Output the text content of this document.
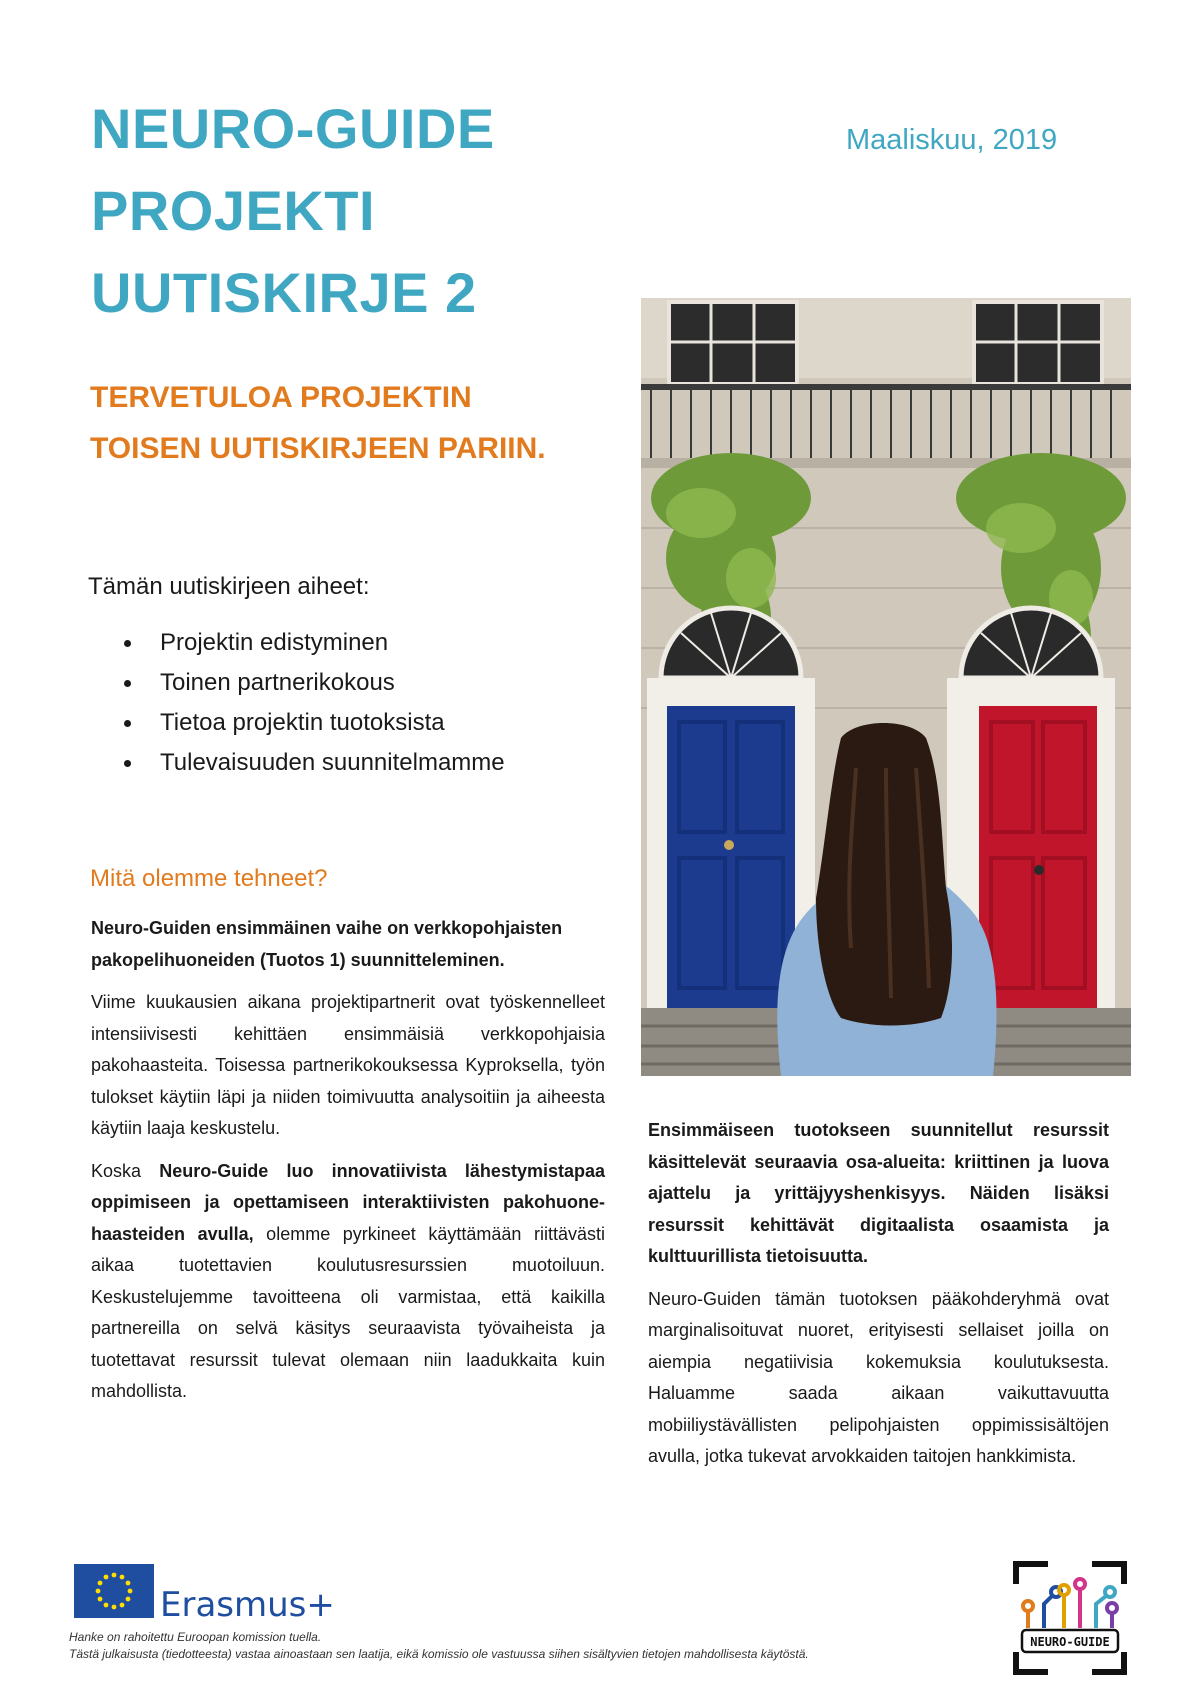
NEURO-GUIDE
PROJEKTI
UUTISKIRJE 2
Maaliskuu, 2019
TERVETULOA PROJEKTIN
TOISEN UUTISKIRJEEN PARIIN.
Tämän uutiskirjeen aiheet:
Projektin edistyminen
Toinen partnerikokous
Tietoa projektin tuotoksista
Tulevaisuuden suunnitelmamme
Mitä olemme tehneet?

Neuro-Guiden ensimmäinen vaihe on verkkopohjaisten pakopelihuoneiden (Tuotos 1) suunnitteleminen.

Viime kuukausien aikana projektipartnerit ovat työskennelleet intensiivisesti kehittäen ensimmäisiä verkkopohjaisia pakohaasteita. Toisessa partnerikokouksessa Kyproksella, työn tulokset käytiin läpi ja niiden toimivuutta analysoitiin ja aiheesta käytiin laaja keskustelu.

Koska Neuro-Guide luo innovatiivista lähestymistapaa oppimiseen ja opettamiseen interaktiivisten pakohuone-haasteiden avulla, olemme pyrkineet käyttämään riittävästi aikaa tuotettavien koulutusresurssien muotoiluun. Keskustelujemme tavoitteena oli varmistaa, että kaikilla partnereilla on selvä käsitys seuraavista työvaiheista ja tuotettavat resurssit tulevat olemaan niin laadukkaita kuin mahdollista.

Ensimmäiseen tuotokseen suunnitellut resurssit käsittelevät seuraavia osa-alueita: kriittinen ja luova ajattelu ja yrittäjyyshenkisyys. Näiden lisäksi resurssit kehittävät digitaalista osaamista ja kulttuurillista tietoisuutta.

Neuro-Guiden tämän tuotoksen pääkohderyhmä ovat marginalisoituvat nuoret, erityisesti sellaiset joilla on aiempia negatiivisia kokemuksia koulutuksesta. Haluamme saada aikaan vaikuttavuutta mobiiliystävällisten pelipohjaisten oppimissisältöjen avulla, jotka tukevat arvokkaiden taitojen hankkimista.

Erasmus+
Hanke on rahoitettu Euroopan komission tuella.
Tästä julkaisusta (tiedotteesta) vastaa ainoastaan sen laatija, eikä komissio ole vastuussa siihen sisältyvien tietojen mahdollisesta käytöstä.
NEURO-GUIDE
